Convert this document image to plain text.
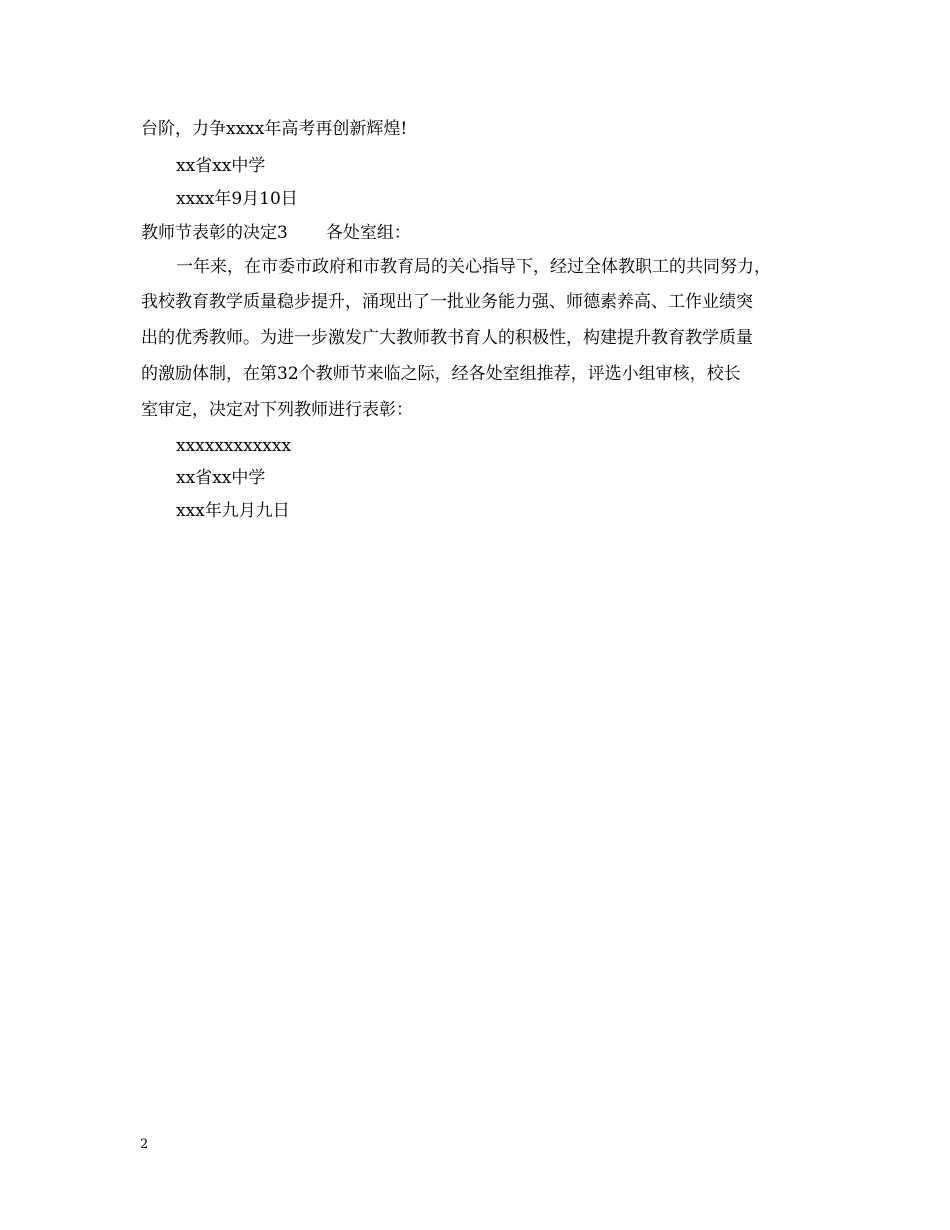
台阶，力争xxxx年高考再创新辉煌!
xx省xx中学
xxxx年9月10日
教师节表彰的决定3 各处室组：
一年来，在市委市政府和市教育局的关心指导下，经过全体教职工的共同努力，
我校教育教学质量稳步提升，涌现出了一批业务能力强、师德素养高、工作业绩突
出的优秀教师。为进一步激发广大教师教书育人的积极性，构建提升教育教学质量
的激励体制，在第32个教师节来临之际，经各处室组推荐，评选小组审核，校长
室审定，决定对下列教师进行表彰：
xxxxxxxxxxxx
xx省xx中学
xxx年九月九日
2
